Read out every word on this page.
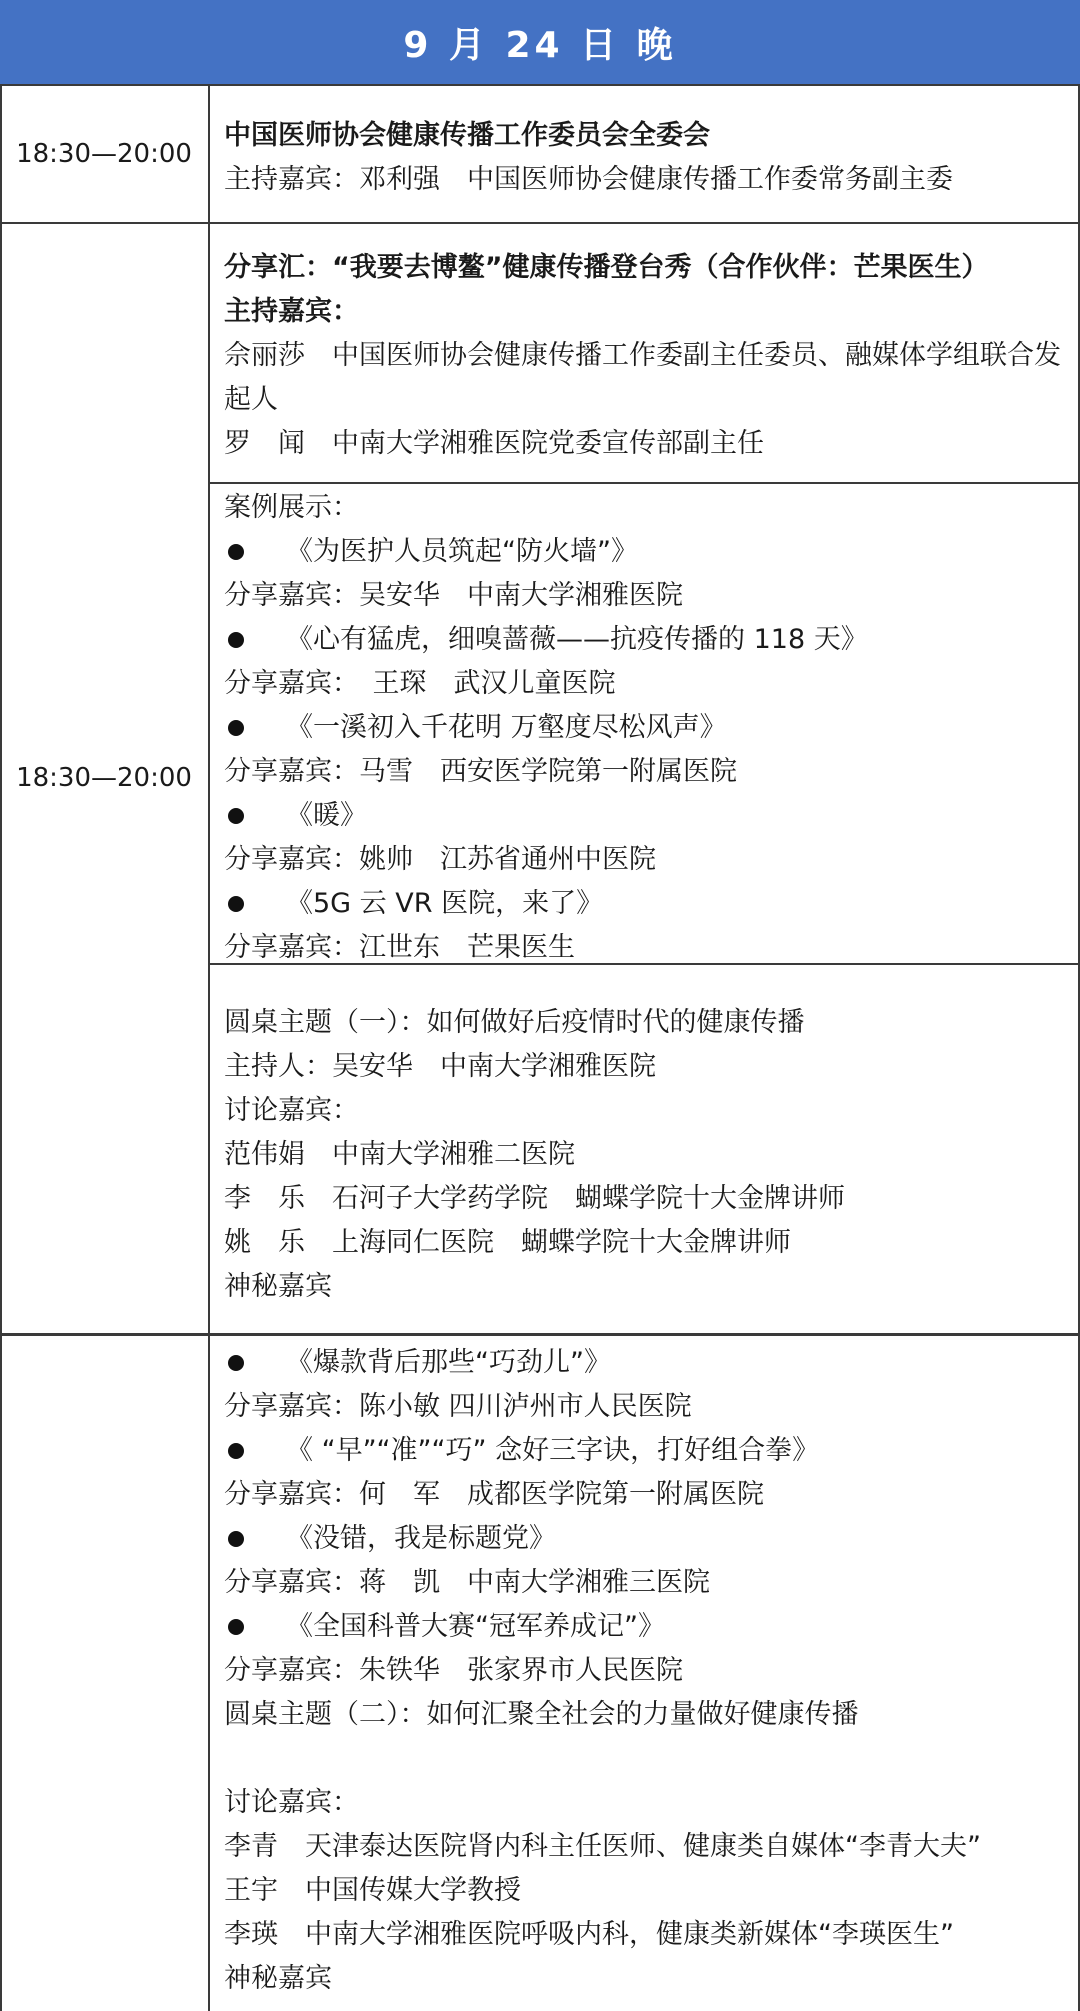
9 月 24 日 晚
18:30—20:00
中国医师协会健康传播工作委员会全委会
主持嘉宾：邓利强　中国医师协会健康传播工作委常务副主委
18:30—20:00
分享汇：“我要去博鳌”健康传播登台秀（合作伙伴：芒果医生）
主持嘉宾：
佘丽莎　中国医师协会健康传播工作委副主任委员、融媒体学组联合发起人
罗　闻　中南大学湘雅医院党委宣传部副主任
案例展示：
《为医护人员筑起“防火墙”》
分享嘉宾：吴安华　中南大学湘雅医院
《心有猛虎，细嗅蔷薇——抗疫传播的 118 天》
分享嘉宾：　王琛　武汉儿童医院
《一溪初入千花明 万壑度尽松风声》
分享嘉宾：马雪　西安医学院第一附属医院
《暖》
分享嘉宾：姚帅　江苏省通州中医院
《5G 云 VR 医院，来了》
分享嘉宾：江世东　芒果医生
圆桌主题（一）：如何做好后疫情时代的健康传播
主持人：吴安华　中南大学湘雅医院
讨论嘉宾：
范伟娟　中南大学湘雅二医院
李　乐　石河子大学药学院　蝴蝶学院十大金牌讲师
姚　乐　上海同仁医院　蝴蝶学院十大金牌讲师
神秘嘉宾
《爆款背后那些“巧劲儿”》
分享嘉宾：陈小敏 四川泸州市人民医院
《 “早”“准”“巧” 念好三字诀，打好组合拳》
分享嘉宾：何　军　成都医学院第一附属医院
《没错，我是标题党》
分享嘉宾：蒋　凯　中南大学湘雅三医院
《全国科普大赛“冠军养成记”》
分享嘉宾：朱铁华　张家界市人民医院
圆桌主题（二）：如何汇聚全社会的力量做好健康传播
讨论嘉宾：
李青　天津泰达医院肾内科主任医师、健康类自媒体“李青大夫”
王宇　中国传媒大学教授
李瑛　中南大学湘雅医院呼吸内科，健康类新媒体“李瑛医生”
神秘嘉宾
